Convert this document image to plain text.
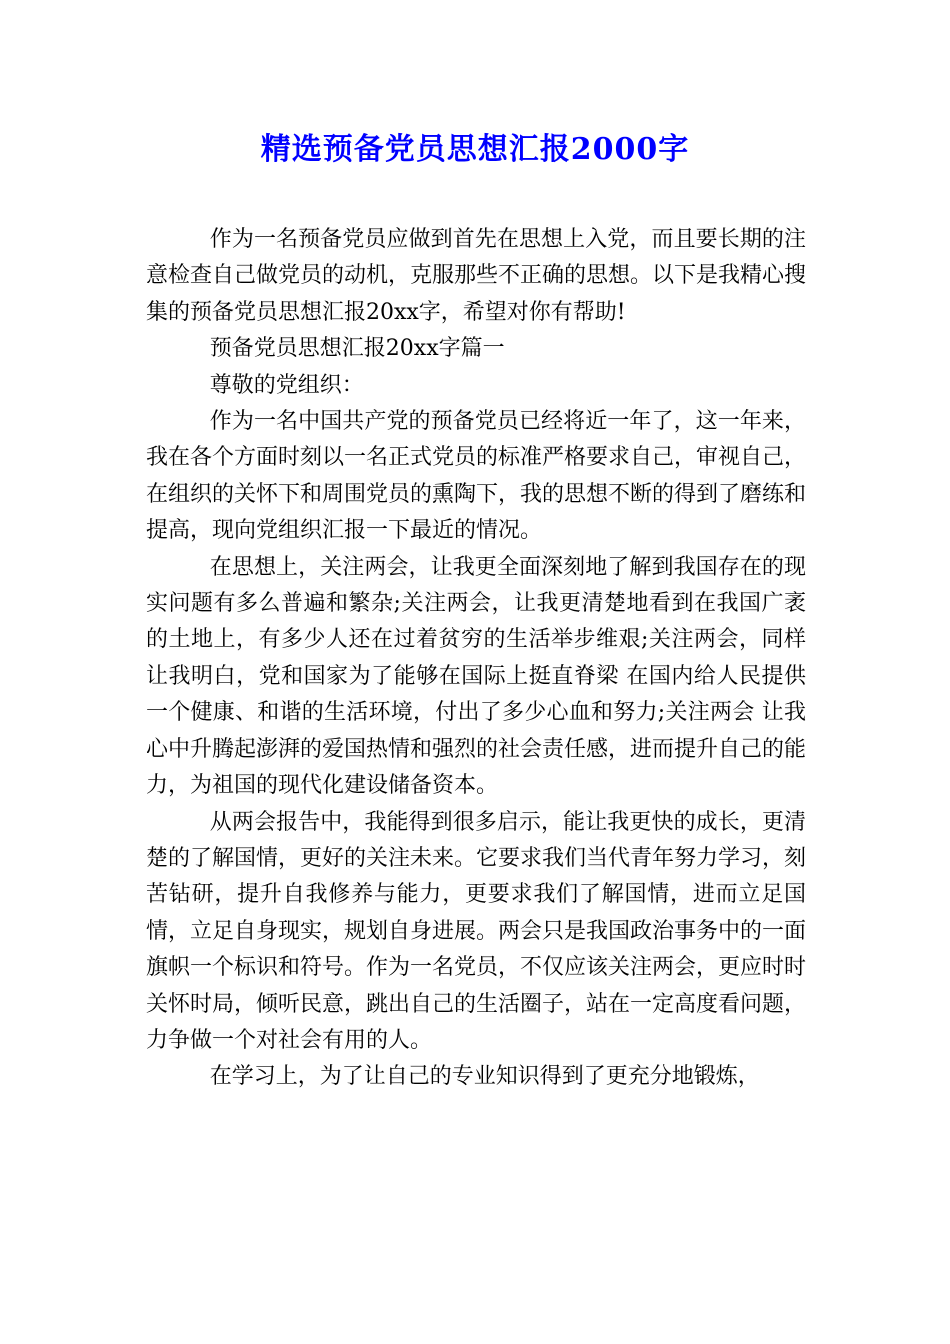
精选预备党员思想汇报2000字

作为一名预备党员应做到首先在思想上入党，而且要长期的注意检查自己做党员的动机，克服那些不正确的思想。以下是我精心搜集的预备党员思想汇报20xx字，希望对你有帮助!

预备党员思想汇报20xx字篇一

尊敬的党组织：

作为一名中国共产党的预备党员已经将近一年了，这一年来，我在各个方面时刻以一名正式党员的标准严格要求自己，审视自己，在组织的关怀下和周围党员的熏陶下，我的思想不断的得到了磨练和提高，现向党组织汇报一下最近的情况。

在思想上，关注两会，让我更全面深刻地了解到我国存在的现实问题有多么普遍和繁杂;关注两会，让我更清楚地看到在我国广袤的土地上，有多少人还在过着贫穷的生活举步维艰;关注两会，同样让我明白，党和国家为了能够在国际上挺直脊梁 在国内给人民提供一个健康、和谐的生活环境，付出了多少心血和努力;关注两会 让我心中升腾起澎湃的爱国热情和强烈的社会责任感，进而提升自己的能力，为祖国的现代化建设储备资本。

从两会报告中，我能得到很多启示，能让我更快的成长，更清楚的了解国情，更好的关注未来。它要求我们当代青年努力学习，刻苦钻研，提升自我修养与能力，更要求我们了解国情，进而立足国情，立足自身现实，规划自身进展。两会只是我国政治事务中的一面旗帜一个标识和符号。作为一名党员，不仅应该关注两会，更应时时关怀时局，倾听民意，跳出自己的生活圈子，站在一定高度看问题，力争做一个对社会有用的人。

在学习上，为了让自己的专业知识得到了更充分地锻炼，
